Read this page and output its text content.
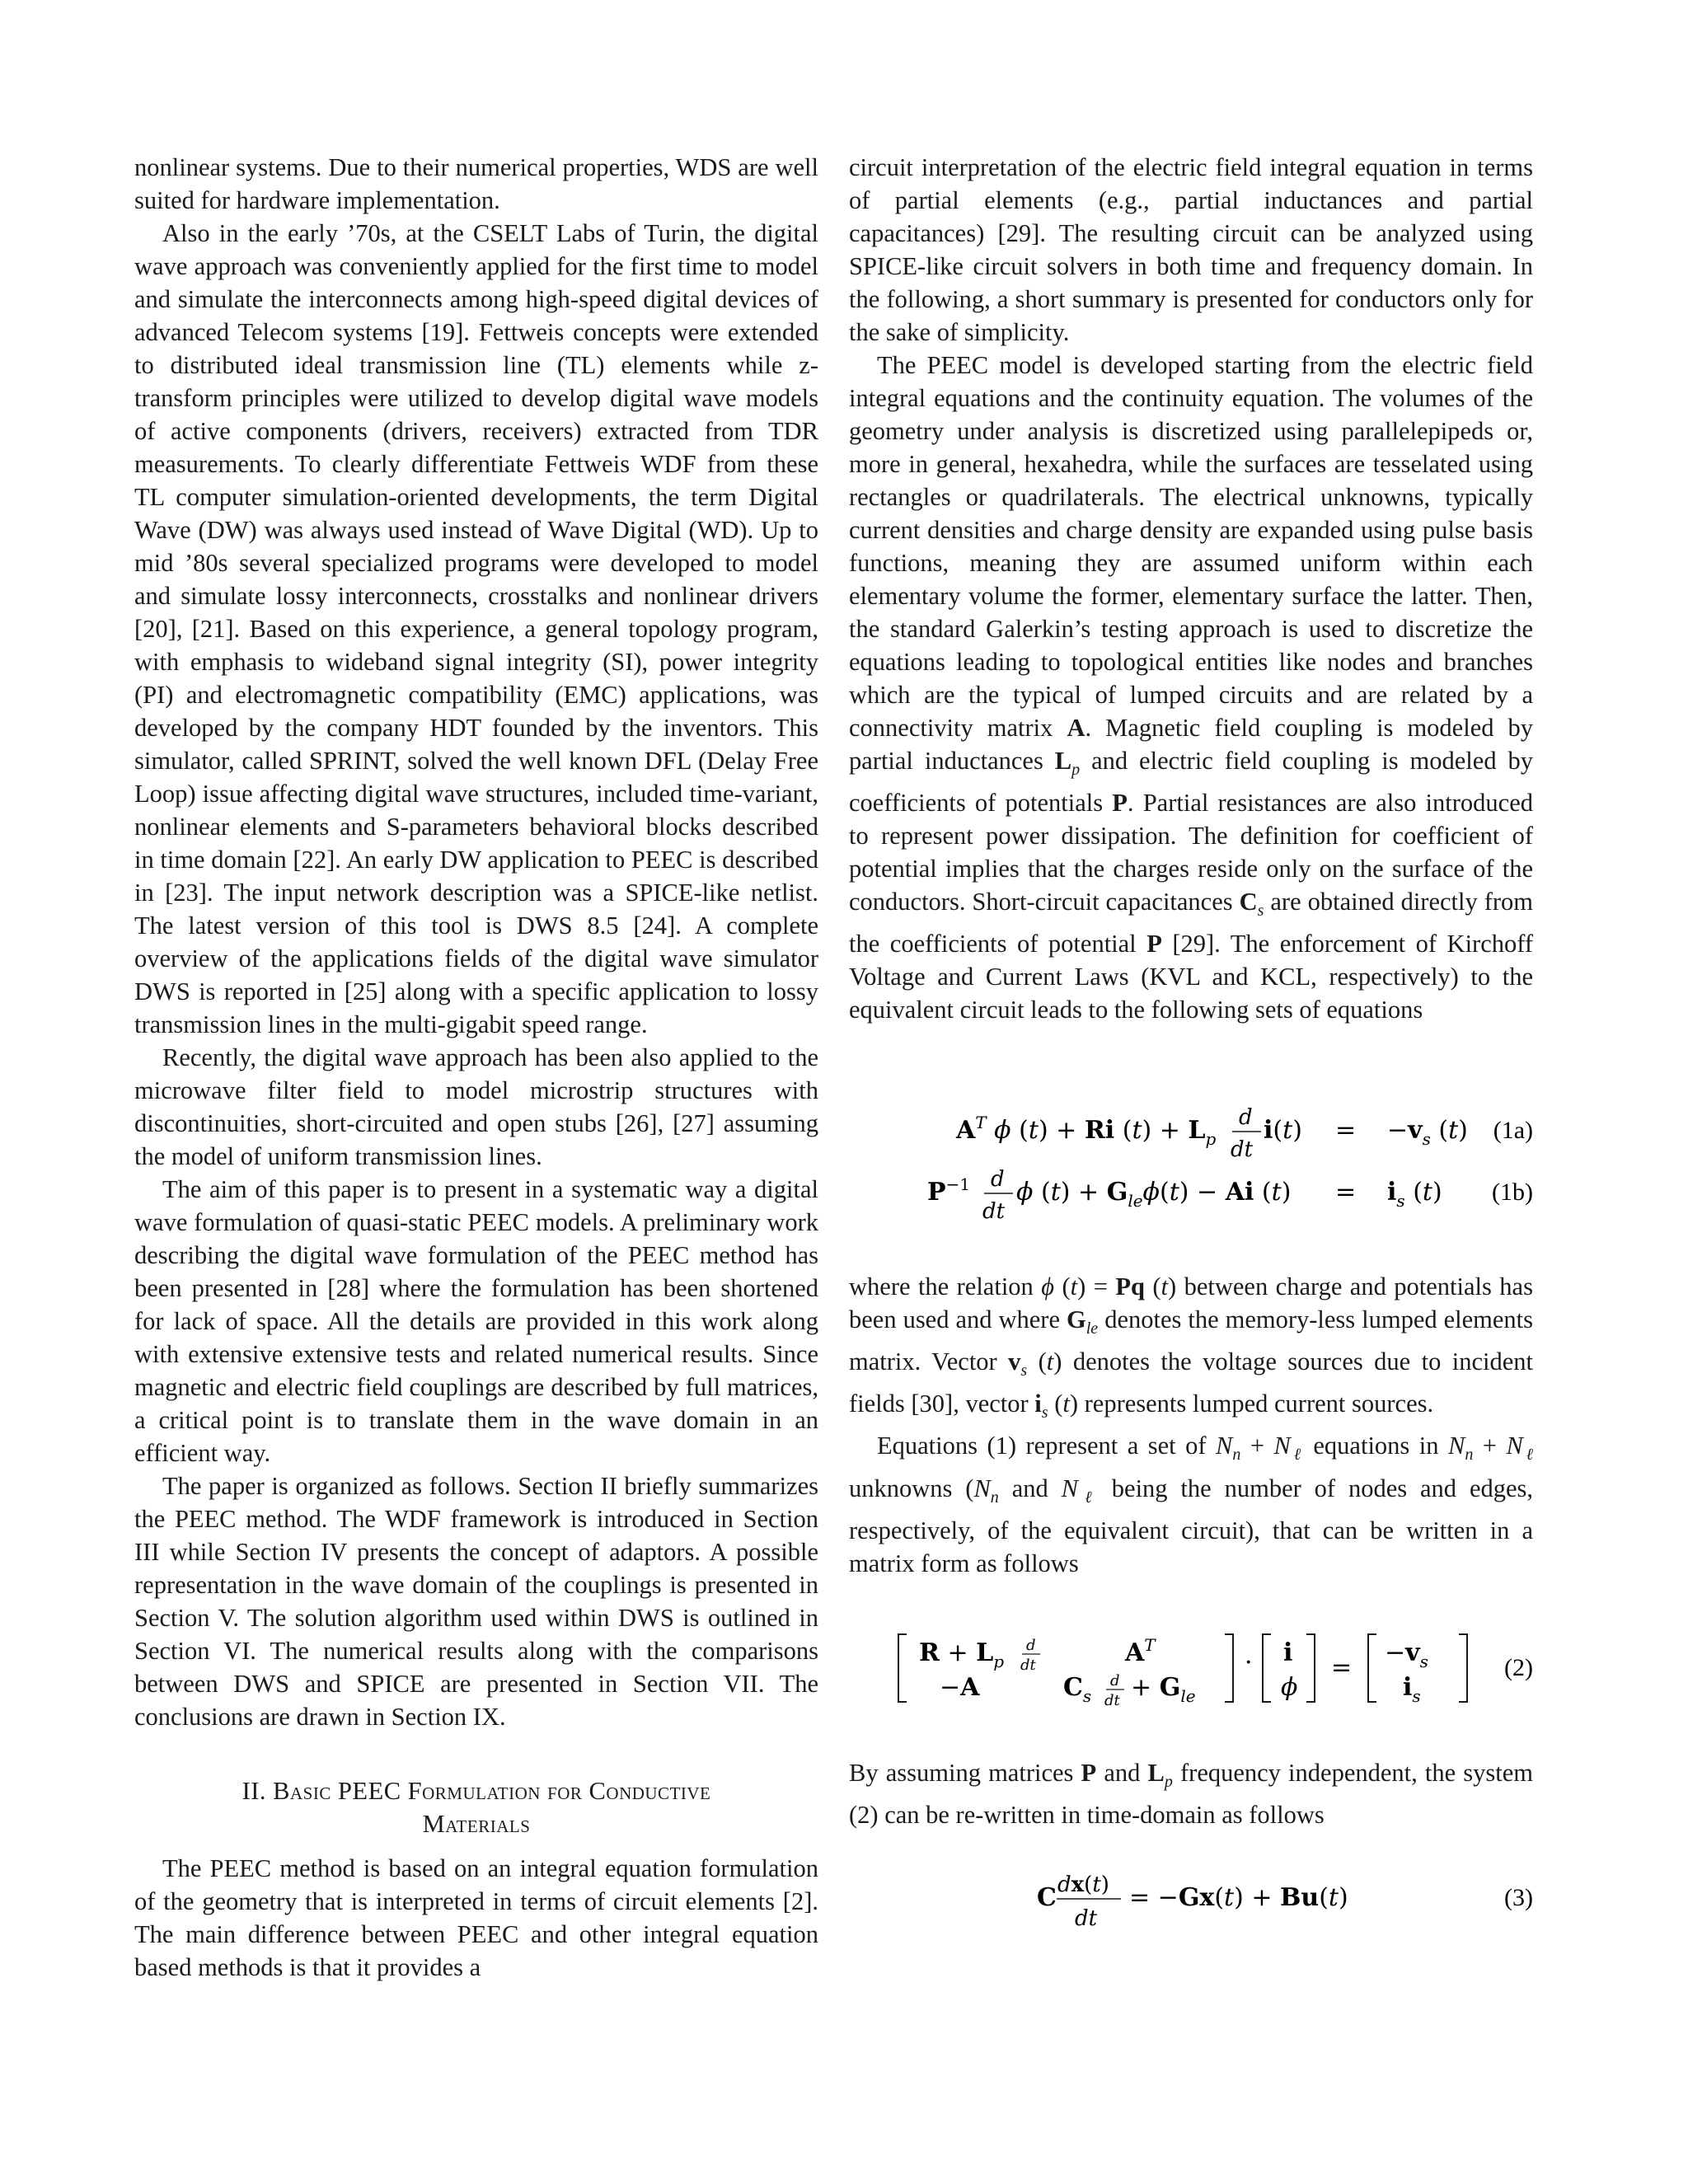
nonlinear systems. Due to their numerical properties, WDS are well suited for hardware implementation.

Also in the early ’70s, at the CSELT Labs of Turin, the digital wave approach was conveniently applied for the first time to model and simulate the interconnects among high-speed digital devices of advanced Telecom systems [19]. Fettweis concepts were extended to distributed ideal transmission line (TL) elements while z-transform principles were utilized to develop digital wave models of active components (drivers, receivers) extracted from TDR measurements. To clearly differentiate Fettweis WDF from these TL computer simulation-oriented developments, the term Digital Wave (DW) was always used instead of Wave Digital (WD). Up to mid ’80s several specialized programs were developed to model and simulate lossy interconnects, crosstalks and nonlinear drivers [20], [21]. Based on this experience, a general topology program, with emphasis to wideband signal integrity (SI), power integrity (PI) and electromagnetic compatibility (EMC) applications, was developed by the company HDT founded by the inventors. This simulator, called SPRINT, solved the well known DFL (Delay Free Loop) issue affecting digital wave structures, included time-variant, nonlinear elements and S-parameters behavioral blocks described in time domain [22]. An early DW application to PEEC is described in [23]. The input network description was a SPICE-like netlist. The latest version of this tool is DWS 8.5 [24]. A complete overview of the applications fields of the digital wave simulator DWS is reported in [25] along with a specific application to lossy transmission lines in the multi-gigabit speed range.

Recently, the digital wave approach has been also applied to the microwave filter field to model microstrip structures with discontinuities, short-circuited and open stubs [26], [27] assuming the model of uniform transmission lines.

The aim of this paper is to present in a systematic way a digital wave formulation of quasi-static PEEC models. A preliminary work describing the digital wave formulation of the PEEC method has been presented in [28] where the formulation has been shortened for lack of space. All the details are provided in this work along with extensive extensive tests and related numerical results. Since magnetic and electric field couplings are described by full matrices, a critical point is to translate them in the wave domain in an efficient way.

The paper is organized as follows. Section II briefly summarizes the PEEC method. The WDF framework is introduced in Section III while Section IV presents the concept of adaptors. A possible representation in the wave domain of the couplings is presented in Section V. The solution algorithm used within DWS is outlined in Section VI. The numerical results along with the comparisons between DWS and SPICE are presented in Section VII. The conclusions are drawn in Section IX.

II. Basic PEEC Formulation for Conductive
Materials

The PEEC method is based on an integral equation formulation of the geometry that is interpreted in terms of circuit elements [2]. The main difference between PEEC and other integral equation based methods is that it provides a

circuit interpretation of the electric field integral equation in terms of partial elements (e.g., partial inductances and partial capacitances) [29]. The resulting circuit can be analyzed using SPICE-like circuit solvers in both time and frequency domain. In the following, a short summary is presented for conductors only for the sake of simplicity.

The PEEC model is developed starting from the electric field integral equations and the continuity equation. The volumes of the geometry under analysis is discretized using parallelepipeds or, more in general, hexahedra, while the surfaces are tesselated using rectangles or quadrilaterals. The electrical unknowns, typically current densities and charge density are expanded using pulse basis functions, meaning they are assumed uniform within each elementary volume the former, elementary surface the latter. Then, the standard Galerkin’s testing approach is used to discretize the equations leading to topological entities like nodes and branches which are the typical of lumped circuits and are related by a connectivity matrix A. Magnetic field coupling is modeled by partial inductances $L_p$ and electric field coupling is modeled by coefficients of potentials P. Partial resistances are also introduced to represent power dissipation. The definition for coefficient of potential implies that the charges reside only on the surface of the conductors. Short-circuit capacitances $C_s$ are obtained directly from the coefficients of potential P [29]. The enforcement of Kirchoff Voltage and Current Laws (KVL and KCL, respectively) to the equivalent circuit leads to the following sets of equations

$A^T$ ϕ (t) + Ri $(t) + L_p$
d
dt
$i(t) = -v_s$ (t) (1a)
$P^{-1}$ d
dt
ϕ $(t) + G_{le}\phi(t) - Ai$ $(t) = i_s$ (t) (1b)

where the relation ϕ (t) = Pq (t) between charge and potentials has been used and where $G_{le}$ denotes the memory-less lumped elements matrix. Vector $v_s$ (t) denotes the voltage sources due to incident fields [30], vector $i_s$ (t) represents lumped current sources.

Equations (1) represent a set of $N_n + N_\ell$ equations in $N_n + N_\ell$ unknowns ($N_n$ and $N_\ell$ being the number of nodes and edges, respectively, of the equivalent circuit), that can be written in a matrix form as follows

$R + L_p$
d
dt	$A^T$
−A	$C_s$
d
dt + $G_{le}$
· i
ϕ
=
$-v_s$
$i_s$
(2)

By assuming matrices P and $L_p$ frequency independent, the system (2) can be re-written in time-domain as follows

C dx(t)
dt
= −Gx(t) + Bu(t)	(3)
